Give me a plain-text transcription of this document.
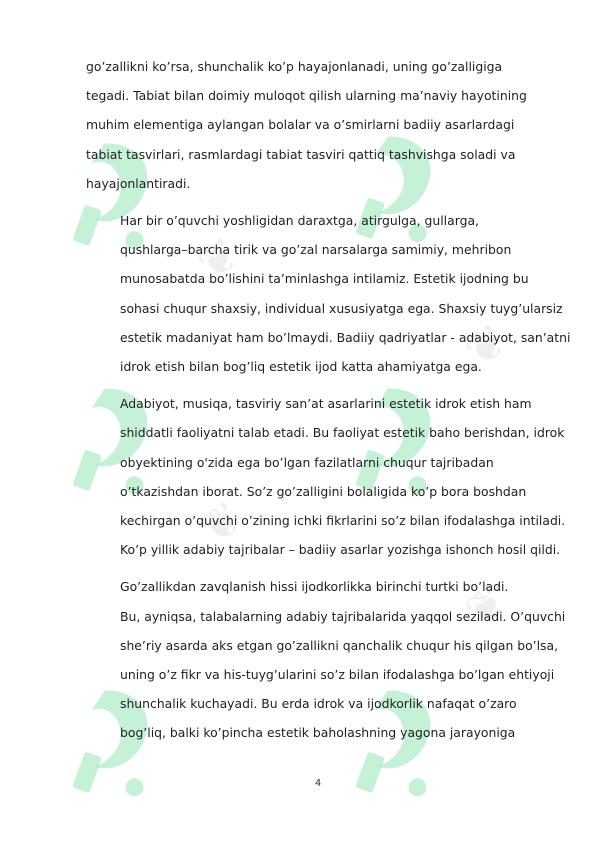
❦
❦
❦
❦

go’zallikni ko’rsa, shunchalik ko’p hayajonlanadi, uning go’zalligiga
tegadi. Tabiat bilan doimiy muloqot qilish ularning ma’naviy hayotining
muhim elementiga aylangan bolalar va o’smirlarni badiiy asarlardagi
tabiat tasvirlari, rasmlardagi tabiat tasviri qattiq tashvishga soladi va
hayajonlantiradi.

Har bir o’quvchi yoshligidan daraxtga, atirgulga, gullarga,
qushlarga–barcha tirik va go’zal narsalarga samimiy, mehribon
munosabatda bo’lishini ta’minlashga intilamiz. Estetik ijodning bu
sohasi chuqur shaxsiy, individual xususiyatga ega. Shaxsiy tuyg’ularsiz
estetik madaniyat ham bo’lmaydi. Badiiy qadriyatlar - adabiyot, san’atni
idrok etish bilan bog’liq estetik ijod katta ahamiyatga ega.

Adabiyot, musiqa, tasviriy san’at asarlarini estetik idrok etish ham
shiddatli faoliyatni talab etadi. Bu faoliyat estetik baho berishdan, idrok
obyektining o'zida ega bo’lgan fazilatlarni chuqur tajribadan
o’tkazishdan iborat. So’z go’zalligini bolaligida ko’p bora boshdan
kechirgan o’quvchi o’zining ichki fikrlarini so’z bilan ifodalashga intiladi.
Ko’p yillik adabiy tajribalar – badiiy asarlar yozishga ishonch hosil qildi.

Go’zallikdan zavqlanish hissi ijodkorlikka birinchi turtki bo’ladi.
Bu, ayniqsa, talabalarning adabiy tajribalarida yaqqol seziladi. O’quvchi
she’riy asarda aks etgan go’zallikni qanchalik chuqur his qilgan bo’lsa,
uning o’z fikr va his-tuyg’ularini so’z bilan ifodalashga bo’lgan ehtiyoji
shunchalik kuchayadi. Bu erda idrok va ijodkorlik nafaqat o’zaro
bog’liq, balki ko’pincha estetik baholashning yagona jarayoniga

4
